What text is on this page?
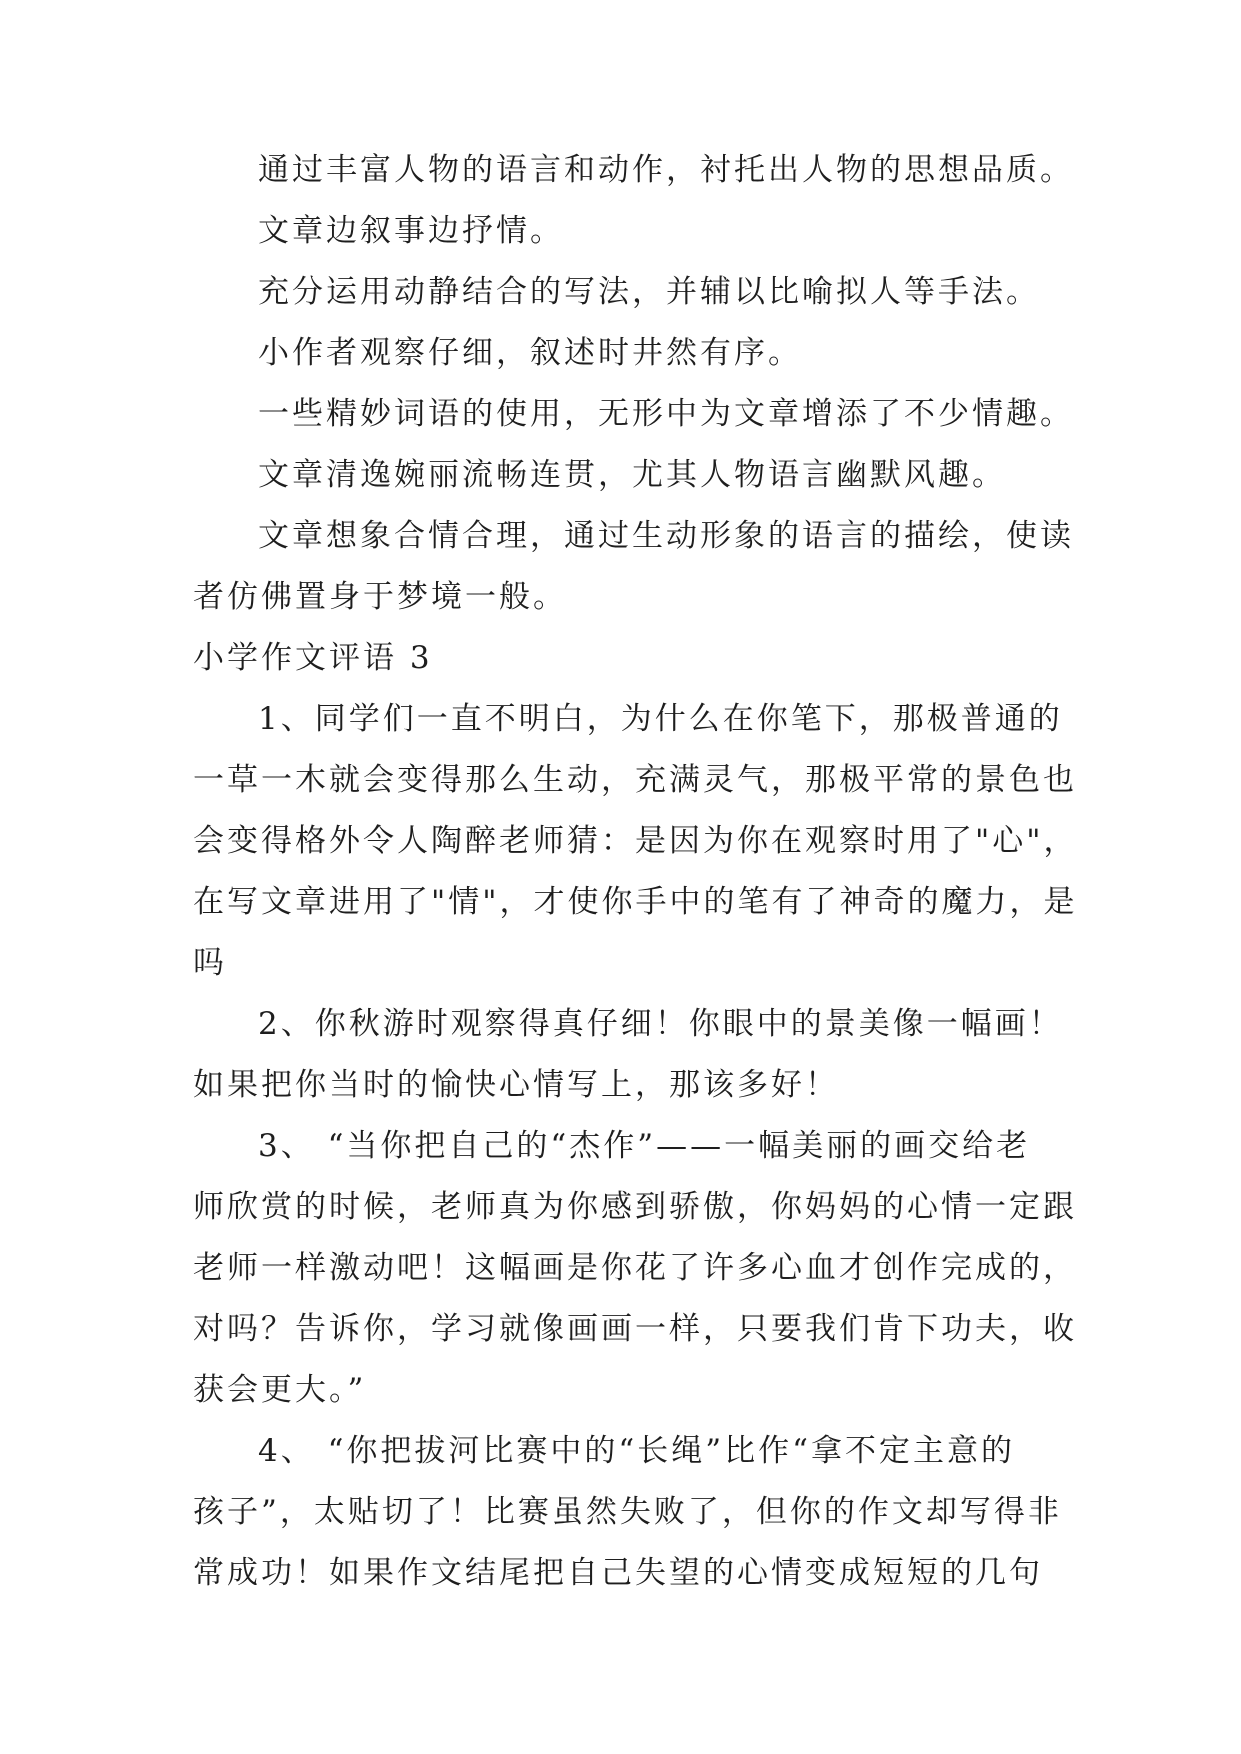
通过丰富人物的语言和动作，衬托出人物的思想品质。
文章边叙事边抒情。
充分运用动静结合的写法，并辅以比喻拟人等手法。
小作者观察仔细，叙述时井然有序。
一些精妙词语的使用，无形中为文章增添了不少情趣。
文章清逸婉丽流畅连贯，尤其人物语言幽默风趣。
文章想象合情合理，通过生动形象的语言的描绘，使读
者仿佛置身于梦境一般。
小学作文评语 3
1、同学们一直不明白，为什么在你笔下，那极普通的
一草一木就会变得那么生动，充满灵气，那极平常的景色也
会变得格外令人陶醉老师猜：是因为你在观察时用了"心"，
在写文章进用了"情"，才使你手中的笔有了神奇的魔力，是
吗
2、你秋游时观察得真仔细！你眼中的景美像一幅画！
如果把你当时的愉快心情写上，那该多好！
3、 “当你把自己的“杰作”——一幅美丽的画交给老
师欣赏的时候，老师真为你感到骄傲，你妈妈的心情一定跟
老师一样激动吧！这幅画是你花了许多心血才创作完成的，
对吗？告诉你，学习就像画画一样，只要我们肯下功夫，收
获会更大。”
4、 “你把拔河比赛中的“长绳”比作“拿不定主意的
孩子”，太贴切了！比赛虽然失败了，但你的作文却写得非
常成功！如果作文结尾把自己失望的心情变成短短的几句
